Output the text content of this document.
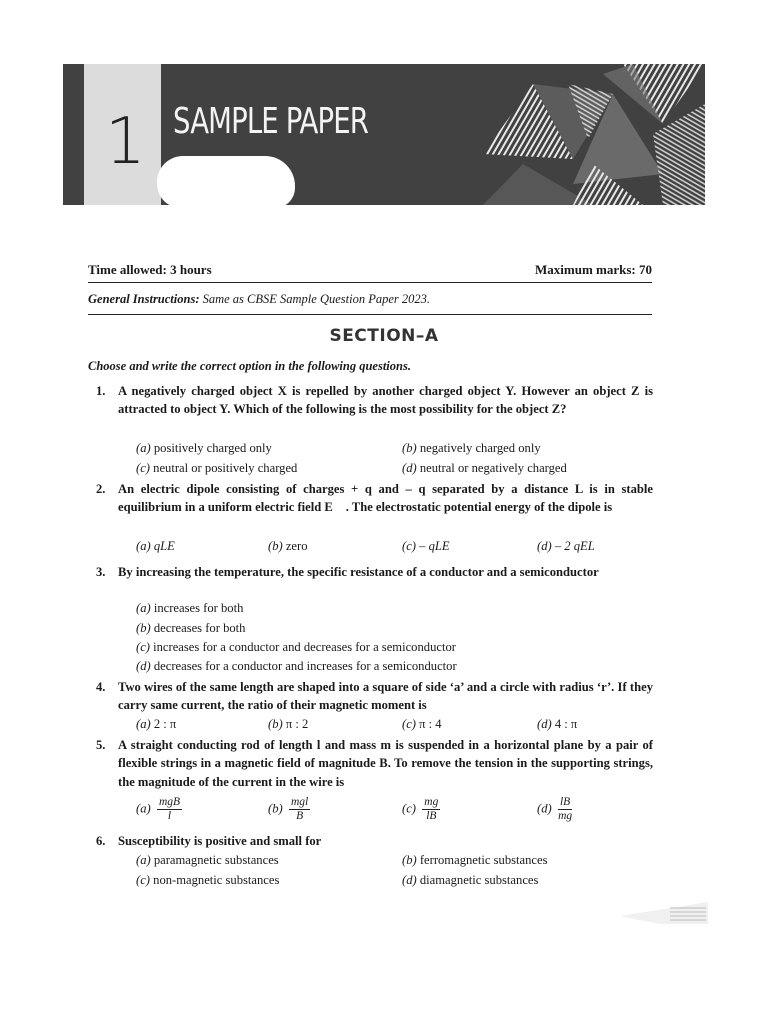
1 SAMPLE PAPER
Time allowed: 3 hours	Maximum marks: 70
General Instructions: Same as CBSE Sample Question Paper 2023.
SECTION–A
Choose and write the correct option in the following questions.
1. A negatively charged object X is repelled by another charged object Y. However an object Z is attracted to object Y. Which of the following is the most possibility for the object Z?
(a) positively charged only	(b) negatively charged only
(c) neutral or positively charged	(d) neutral or negatively charged
2. An electric dipole consisting of charges + q and – q separated by a distance L is in stable equilibrium in a uniform electric field E⃗ . The electrostatic potential energy of the dipole is
(a) qLE	(b) zero	(c) – qLE	(d) – 2 qEL
3. By increasing the temperature, the specific resistance of a conductor and a semiconductor
(a) increases for both
(b) decreases for both
(c) increases for a conductor and decreases for a semiconductor
(d) decreases for a conductor and increases for a semiconductor
4. Two wires of the same length are shaped into a square of side ‘a’ and a circle with radius ‘r’. If they carry same current, the ratio of their magnetic moment is
(a) 2 : π	(b) π : 2	(c) π : 4	(d) 4 : π
5. A straight conducting rod of length l and mass m is suspended in a horizontal plane by a pair of flexible strings in a magnetic field of magnitude B. To remove the tension in the supporting strings, the magnitude of the current in the wire is
$(a) \frac{\text{mgB}}{l}$	$(b) \frac{\text{mgl}}{B}$	$(c) \frac{mg}{lB}$	$(d) \frac{lB}{mg}$
6. Susceptibility is positive and small for
(a) paramagnetic substances	(b) ferromagnetic substances
(c) non-magnetic substances	(d) diamagnetic substances
